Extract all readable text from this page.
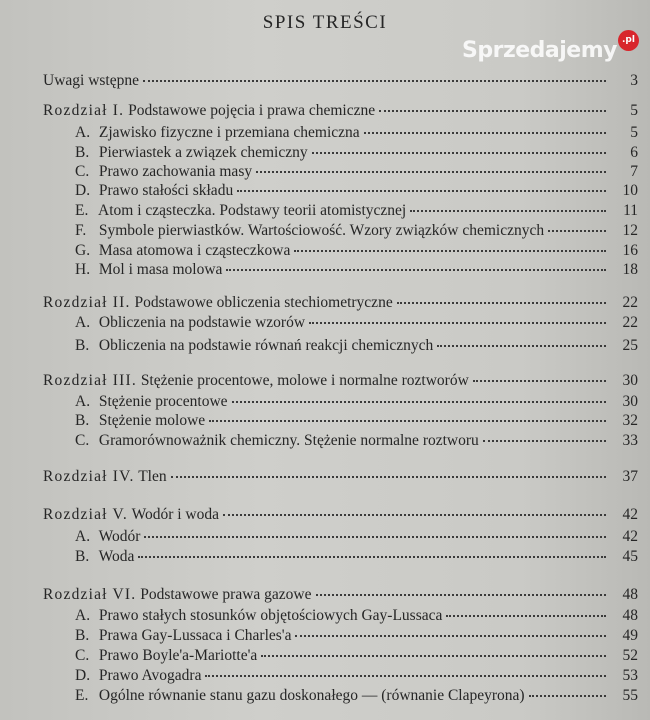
SPIS TREŚCI
Uwagi wstępne	3
Rozdział I. Podstawowe pojęcia i prawa chemiczne	5
A. Zjawisko fizyczne i przemiana chemiczna	5
B. Pierwiastek a związek chemiczny	6
C. Prawo zachowania masy	7
D. Prawo stałości składu	10
E. Atom i cząsteczka. Podstawy teorii atomistycznej	11
F. Symbole pierwiastków. Wartościowość. Wzory związków chemicznych	12
G. Masa atomowa i cząsteczkowa	16
H. Mol i masa molowa	18
Rozdział II. Podstawowe obliczenia stechiometryczne	22
A. Obliczenia na podstawie wzorów	22
B. Obliczenia na podstawie równań reakcji chemicznych	25
Rozdział III. Stężenie procentowe, molowe i normalne roztworów	30
A. Stężenie procentowe	30
B. Stężenie molowe	32
C. Gramorównoważnik chemiczny. Stężenie normalne roztworu	33
Rozdział IV. Tlen	37
Rozdział V. Wodór i woda	42
A. Wodór	42
B. Woda	45
Rozdział VI. Podstawowe prawa gazowe	48
A. Prawo stałych stosunków objętościowych Gay-Lussaca	48
B. Prawa Gay-Lussaca i Charles'a	49
C. Prawo Boyle'a-Mariotte'a	52
D. Prawo Avogadra	53
E. Ogólne równanie stanu gazu doskonałego — (równanie Clapeyrona)	55
Sprzedajemy .pl
